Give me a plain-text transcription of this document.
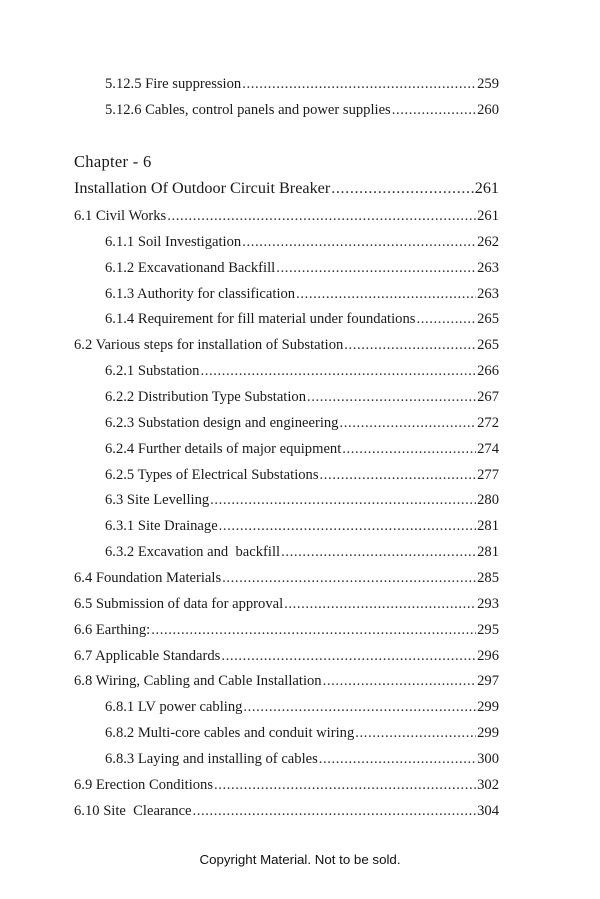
5.12.5 Fire suppression .....	259
5.12.6 Cables, control panels and power supplies .....	260
Chapter - 6
Installation Of Outdoor Circuit Breaker .....	261
6.1 Civil Works .....	261
6.1.1 Soil Investigation .....	262
6.1.2 Excavationand Backfill .....	263
6.1.3 Authority for classification .....	263
6.1.4 Requirement for fill material under foundations .....	265
6.2 Various steps for installation of Substation .....	265
6.2.1 Substation .....	266
6.2.2 Distribution Type Substation .....	267
6.2.3 Substation design and engineering .....	272
6.2.4 Further details of major equipment .....	274
6.2.5 Types of Electrical Substations .....	277
6.3 Site Levelling .....	280
6.3.1 Site Drainage .....	281
6.3.2 Excavation and  backfill .....	281
6.4 Foundation Materials .....	285
6.5 Submission of data for approval .....	293
6.6 Earthing: .....	295
6.7 Applicable Standards .....	296
6.8 Wiring, Cabling and Cable Installation .....	297
6.8.1 LV power cabling .....	299
6.8.2 Multi-core cables and conduit wiring .....	299
6.8.3 Laying and installing of cables .....	300
6.9 Erection Conditions .....	302
6.10 Site  Clearance .....	304
Copyright Material. Not to be sold.
